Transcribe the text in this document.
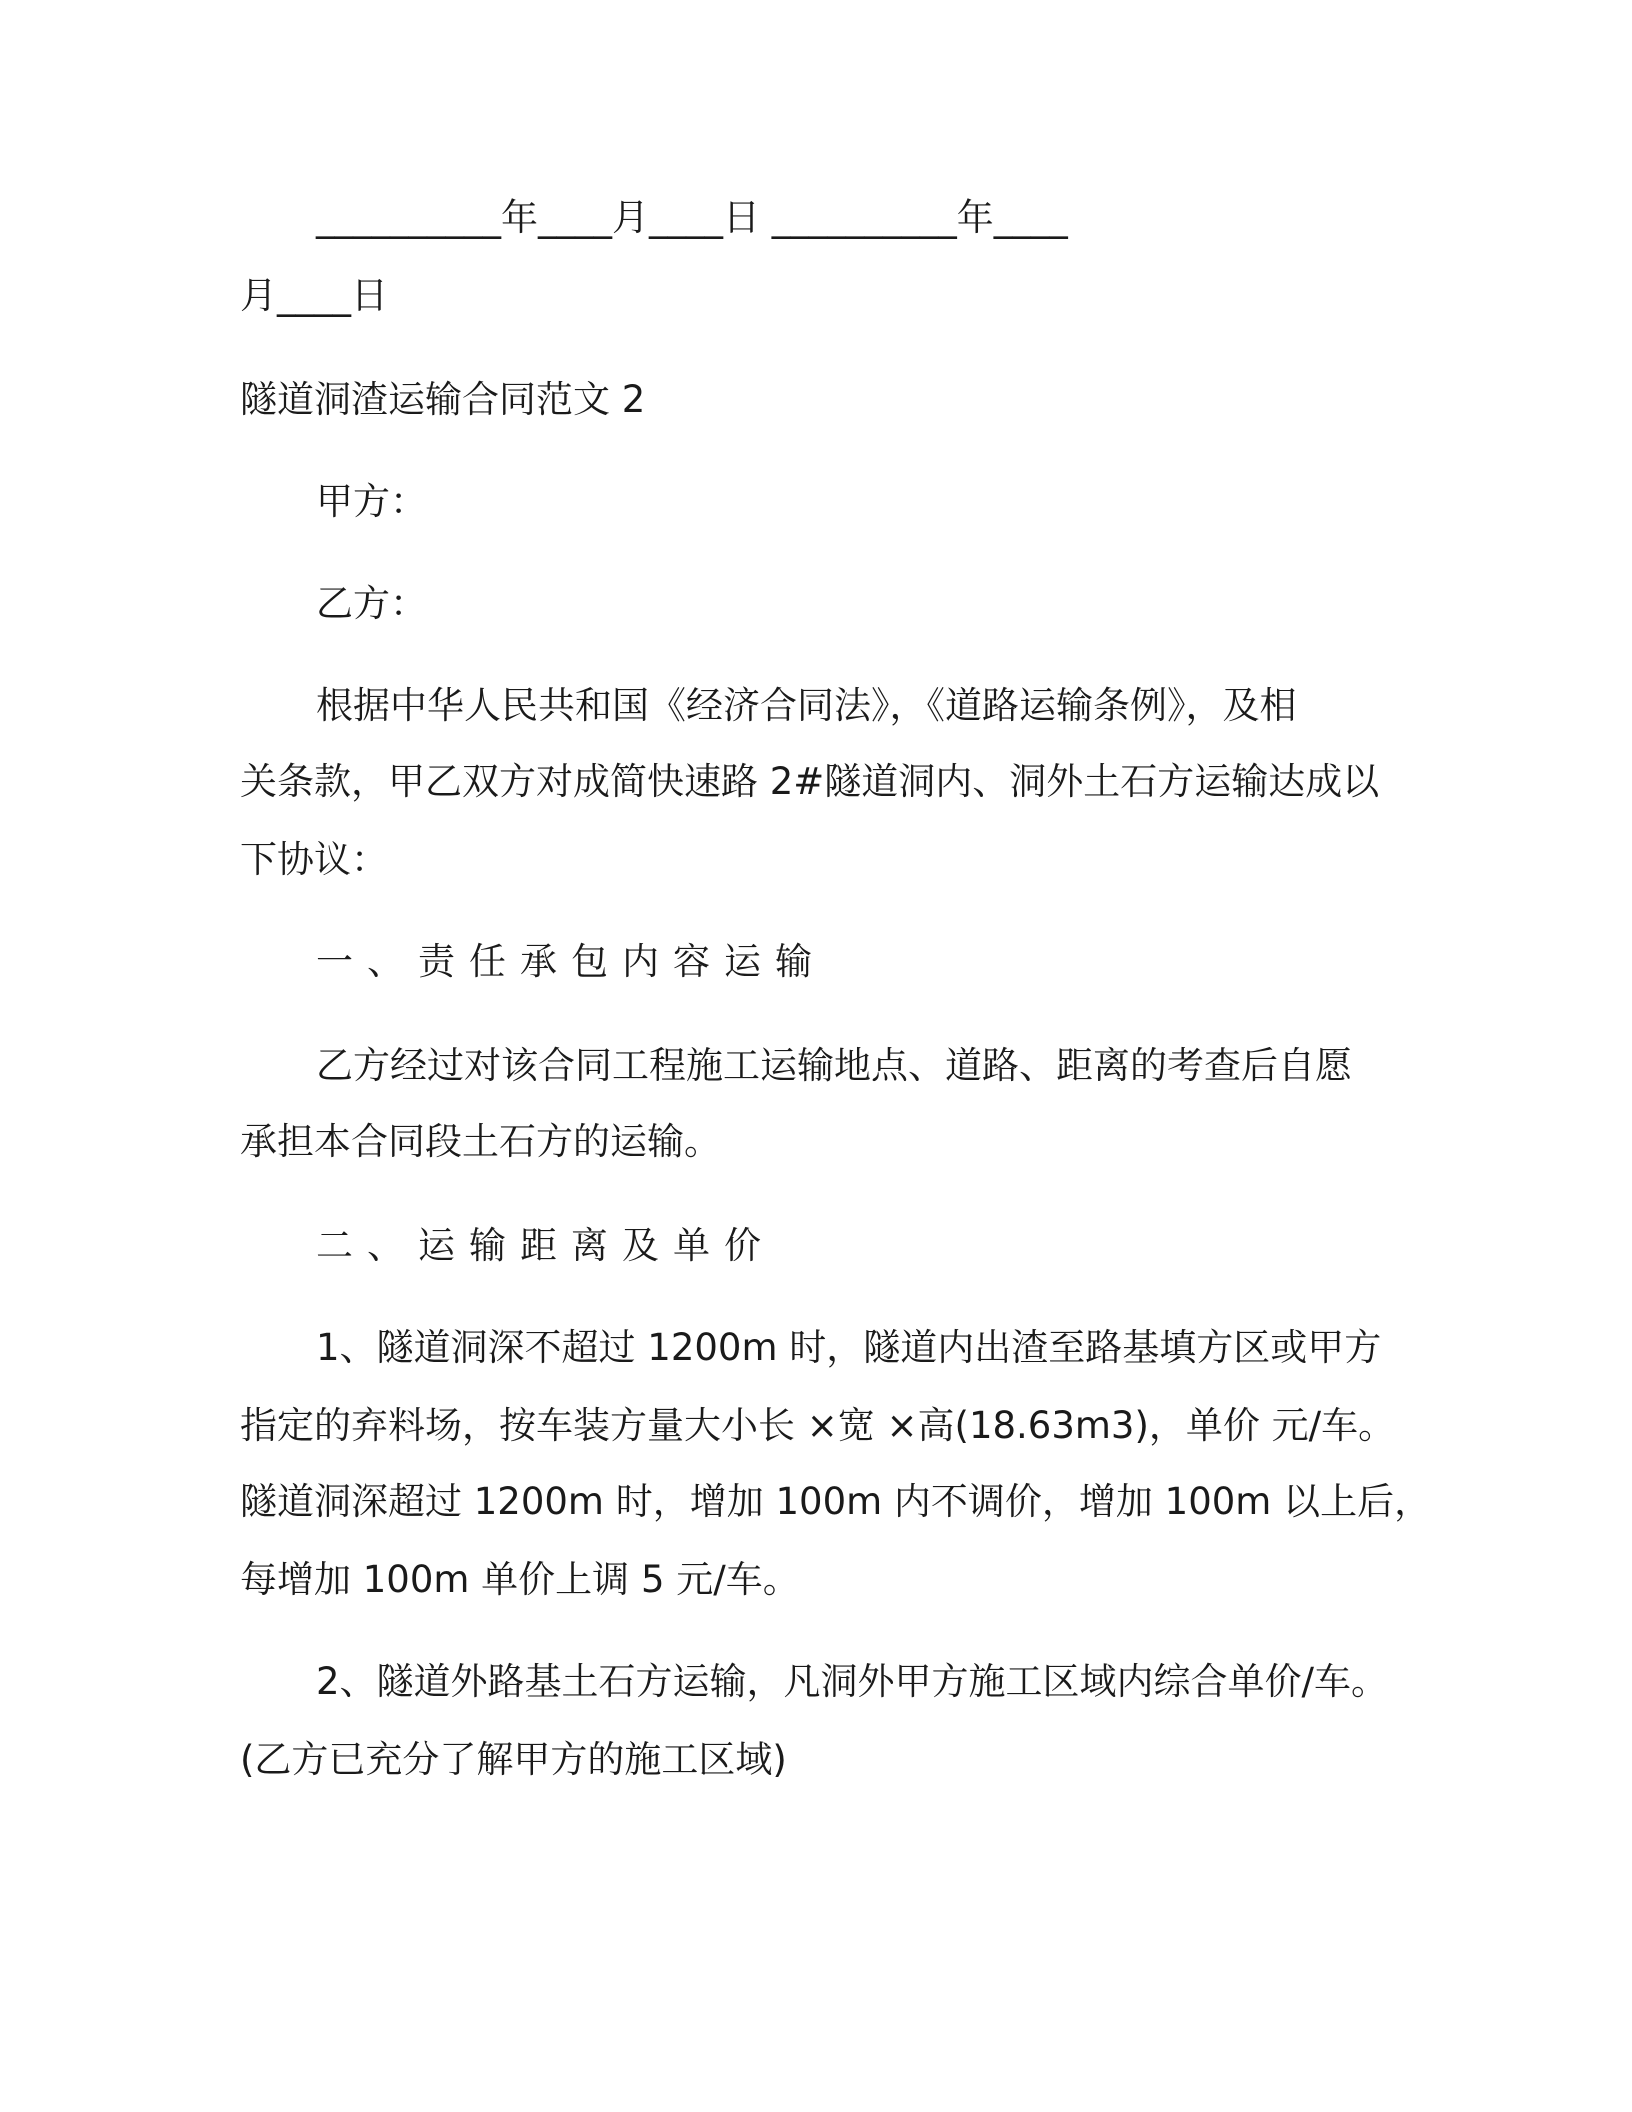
__________年____月____日 __________年____
月____日
隧道洞渣运输合同范文 2
甲方：
乙方：
根据中华人民共和国《经济合同法》，《道路运输条例》，及相
关条款，甲乙双方对成简快速路 2#隧道洞内、洞外土石方运输达成以
下协议：
一、责任承包内容运输
乙方经过对该合同工程施工运输地点、道路、距离的考查后自愿
承担本合同段土石方的运输。
二、运输距离及单价
1、隧道洞深不超过 1200m 时，隧道内出渣至路基填方区或甲方
指定的弃料场，按车装方量大小长 ×宽 ×高(18.63m3)，单价 元/车。
隧道洞深超过 1200m 时，增加 100m 内不调价，增加 100m 以上后，
每增加 100m 单价上调 5 元/车。
2、隧道外路基土石方运输，凡洞外甲方施工区域内综合单价/车。
(乙方已充分了解甲方的施工区域)
